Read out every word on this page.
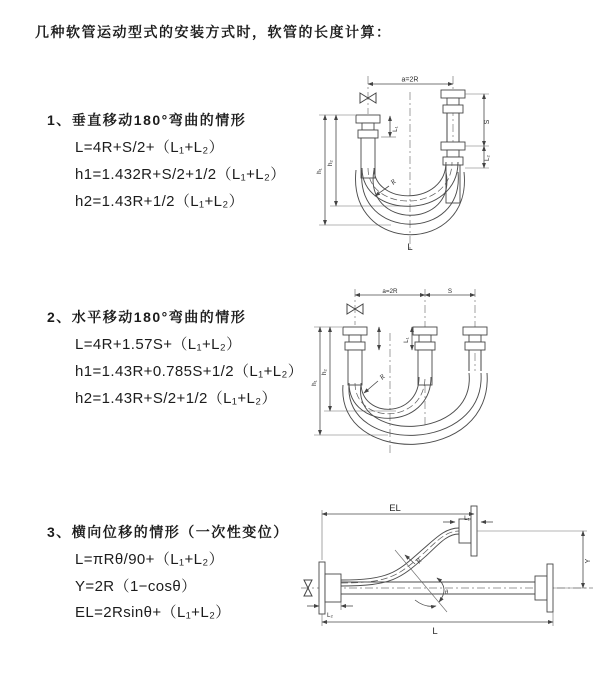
几种软管运动型式的安装方式时，软管的长度计算：
1、垂直移动180°弯曲的情形
L=4R+S/2+（L₁+L₂）
h1=1.432R+S/2+1/2（L₁+L₂）
h2=1.43R+1/2（L₁+L₂）
2、水平移动180°弯曲的情形
L=4R+1.57S+（L₁+L₂）
h1=1.43R+0.785S+1/2（L₁+L₂）
h2=1.43R+S/2+1/2（L₁+L₂）
3、横向位移的情形（一次性变位）
L=πRθ/90+（L₁+L₂）
Y=2R（1−cosθ）
EL=2Rsinθ+（L₁+L₂）
a=2R
L₁
S
L₂
h₁
h₂
R
L
a=2R	S
L₁
h₁
h₂
R
EL
L₁
Y
R
θ
L
L₂
